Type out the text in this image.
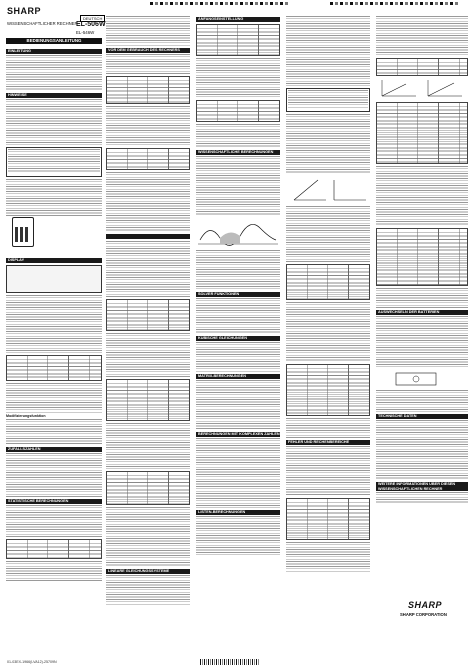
SHARP
DEUTSCH
WISSENSCHAFTLICHER RECHNER
EL-506W
EL-546W
BEDIENUNGSANLEITUNG
EINLEITUNG
HINWEISE
DISPLAY
Modifizierungsfunktion
ZUFALLSZAHLEN
STATISTISCHE BERECHNUNGEN
VOR DEM GEBRAUCH DES RECHNERS
LINEARE GLEICHUNGSSYSTEME
ANFANGSEINSTELLUNG
WISSENSCHAFTLICHE BERECHNUNGEN
SOLVER FUNKTIONEN
KUBISCHE GLEICHUNGEN
MATRIX-BERECHNUNGEN
BERECHNUNGEN MIT KOMPLEXEN ZAHLEN
LISTEN-BERECHNUNGEN
FEHLER UND RECHENBEREICHE
AUSWECHSELN DER BATTERIEN
TECHNISCHE DATEN
WEITERE INFORMATIONEN ÜBER DIESEN WISSENSCHAFTLICHEN RECHNER
SHARP
SHARP CORPORATION
01-03EX-1966(LVA12)-25709N
